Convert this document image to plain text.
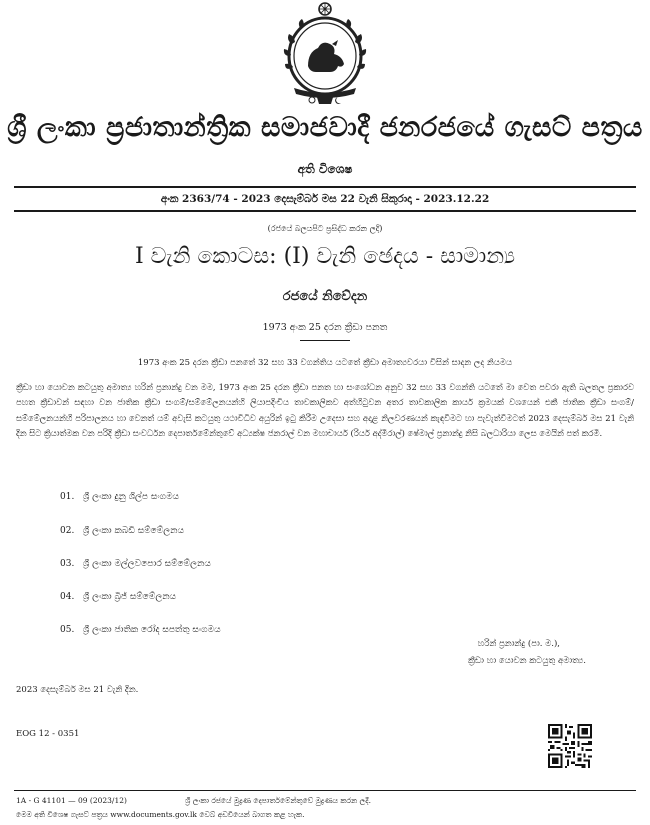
ශ්‍රී ලංකා ප්‍රජාතාන්ත්‍රික සමාජවාදී ජනරජයේ ගැසට් පත්‍රය
අති විශෙෂ
අංක 2363/74 - 2023 දෙසැම්බර් මස 22 වැනි සිකුරාදා - 2023.12.22
(රජයේ බලයපිට ප්‍රසිද්ධ කරන ලදි)
I වැනි කොටස: (I) වැනි ඡෙදය - සාමාන්‍ය
රජයේ නිවේදන
1973 අංක 25 දරන ක්‍රීඩා පනත
1973 අංක 25 දරන ක්‍රීඩා පනතේ 32 සහ 33 වගන්තිය යටතේ ක්‍රීඩා අමාත්‍යවරයා විසින් සාදන ලද නියමය
ක්‍රීඩා හා යොවන කටයුතු අමාත්‍ය හරින් ප්‍රනාන්දු වන මම, 1973 අංක 25 දරන ක්‍රීඩා පනත හා සංශෝධන අනුව 32 සහ 33 වගන්ති යටතේ මා වෙත පවරා ඇති බලතල ප්‍රකාරව පහත ක්‍රීඩාවන් සඳහා වන ජාතික ක්‍රීඩා සංගම්/සම්මේලනයන්හි ලියාපදිංචිය තාවකාලිකව අත්හිටුවන අතර තාවකාලික කාර්ය ක්‍රමයක් වශයෙන් එකී ජාතික ක්‍රීඩා සංගම්/සම්මේලනයන්හි පරිපාලනය හා වෙනත් යම් අවැසි කටයුතු යථාවිධිව අයුරින් ඉටු කිරීම උදෙසා සහ අදාළ නිලවරණයන් කැඳවීමට හා පැවැත්වීමටත් 2023 දෙසැම්බර් මස 21 වැනි දින සිට ක්‍රියාත්මක වන පරිදි ක්‍රීඩා සංවර්ධන දෙපාර්තමේන්තුවේ අධ්‍යක්ෂ ජනරාල් වන මහාචාර්ය (රියර් අද්මිරාල්) ෂේමාල් ප්‍රනාන්දු නිසි බලධාරියා ලෙස මෙයින් පත් කරමි.
01. ශ්‍රී ලංකා දුනු ශිල්ප සංගමය
02. ශ්‍රී ලංකා කබඩි සම්මේලනය
03. ශ්‍රී ලංකා මල්ලවපොර සම්මේලනය
04. ශ්‍රී ලංකා බ්‍රිජ් සම්මේලනය
05. ශ්‍රී ලංකා ජාතික රෝද සපත්තු සංගමය
හරින් ප්‍රනාන්දු (පා. ම.),
ක්‍රීඩා හා යොවන කටයුතු අමාත්‍ය.
2023 දෙසැම්බර් මස 21 වැනි දින.
EOG 12 - 0351
1A - G 41101 — 09 (2023/12)	ශ්‍රී ලංකා රජයේ මුද්‍රණ දෙපාර්තමේන්තුවේ මුද්‍රණය කරන ලදී.
මෙම අති විශෙෂ ගැසට් පත්‍රය www.documents.gov.lk වෙබ් අඩවියෙන් බාගත කළ හැක.
